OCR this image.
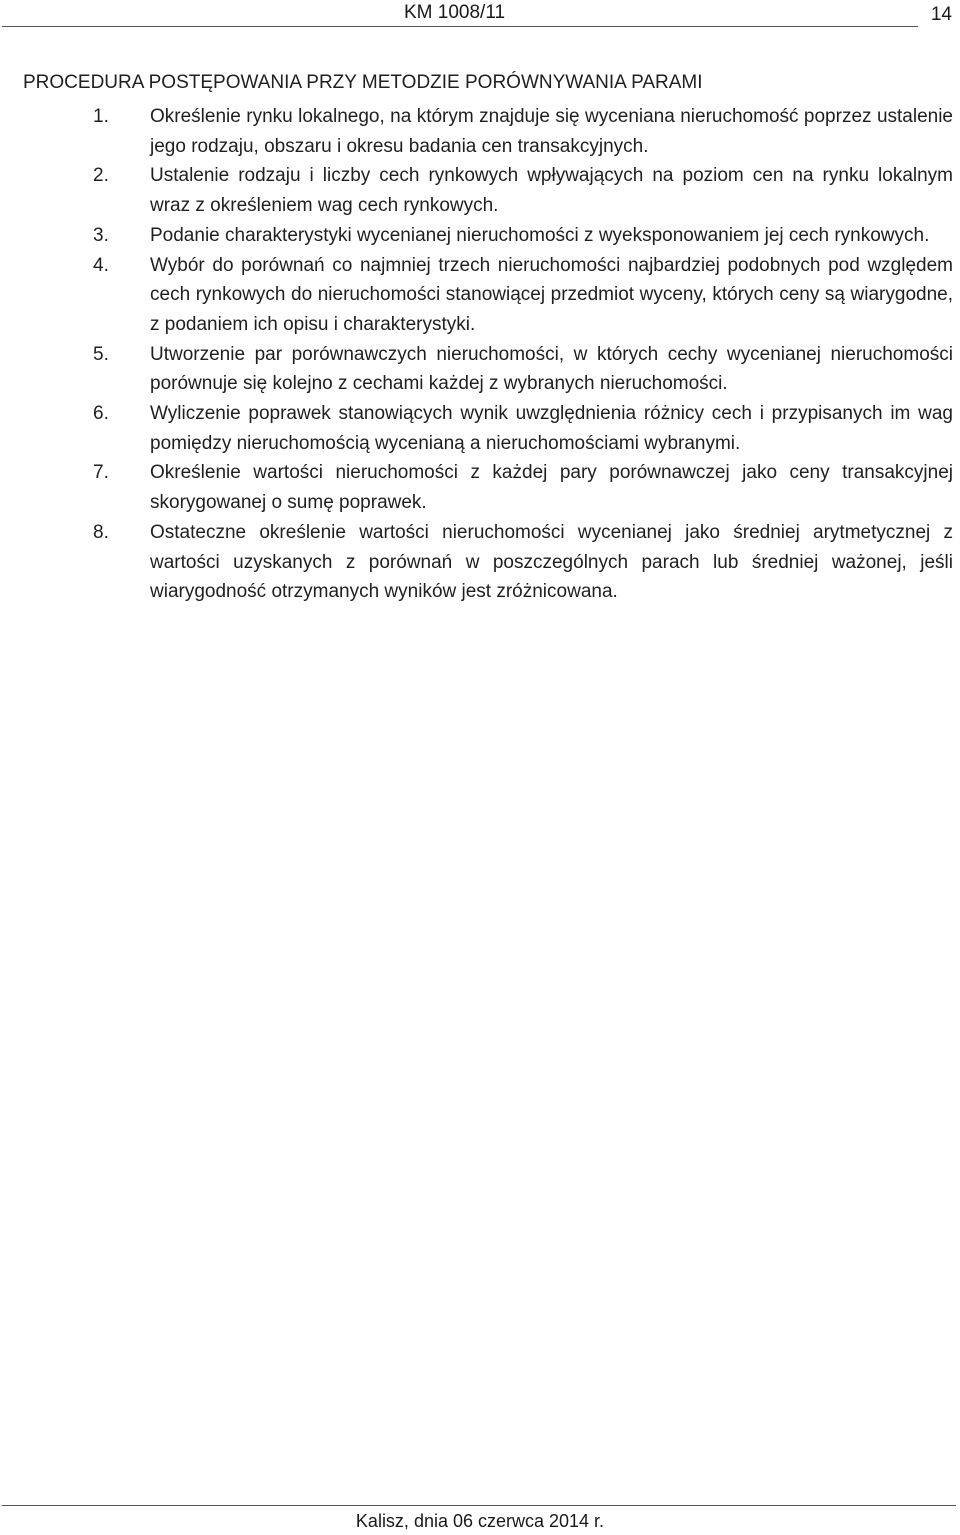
KM 1008/11	14
PROCEDURA POSTĘPOWANIA PRZY METODZIE PORÓWNYWANIA PARAMI
1. Określenie rynku lokalnego, na którym znajduje się wyceniana nieruchomość poprzez ustalenie jego rodzaju, obszaru i okresu badania cen transakcyjnych.
2. Ustalenie rodzaju i liczby cech rynkowych wpływających na poziom cen na rynku lokalnym wraz z określeniem wag cech rynkowych.
3. Podanie charakterystyki wycenianej nieruchomości z wyeksponowaniem jej cech rynkowych.
4. Wybór do porównań co najmniej trzech nieruchomości najbardziej podobnych pod względem cech rynkowych do nieruchomości stanowiącej przedmiot wyceny, których ceny są wiarygodne, z podaniem ich opisu i charakterystyki.
5. Utworzenie par porównawczych nieruchomości, w których cechy wycenianej nieruchomości porównuje się kolejno z cechami każdej z wybranych nieruchomości.
6. Wyliczenie poprawek stanowiących wynik uwzględnienia różnicy cech i przypisanych im wag pomiędzy nieruchomością wycenianą a nieruchomościami wybranymi.
7. Określenie wartości nieruchomości z każdej pary porównawczej jako ceny transakcyjnej skorygowanej o sumę poprawek.
8. Ostateczne określenie wartości nieruchomości wycenianej jako średniej arytmetycznej z wartości uzyskanych z porównań w poszczególnych parach lub średniej ważonej, jeśli wiarygodność otrzymanych wyników jest zróżnicowana.
Kalisz, dnia 06 czerwca 2014 r.
